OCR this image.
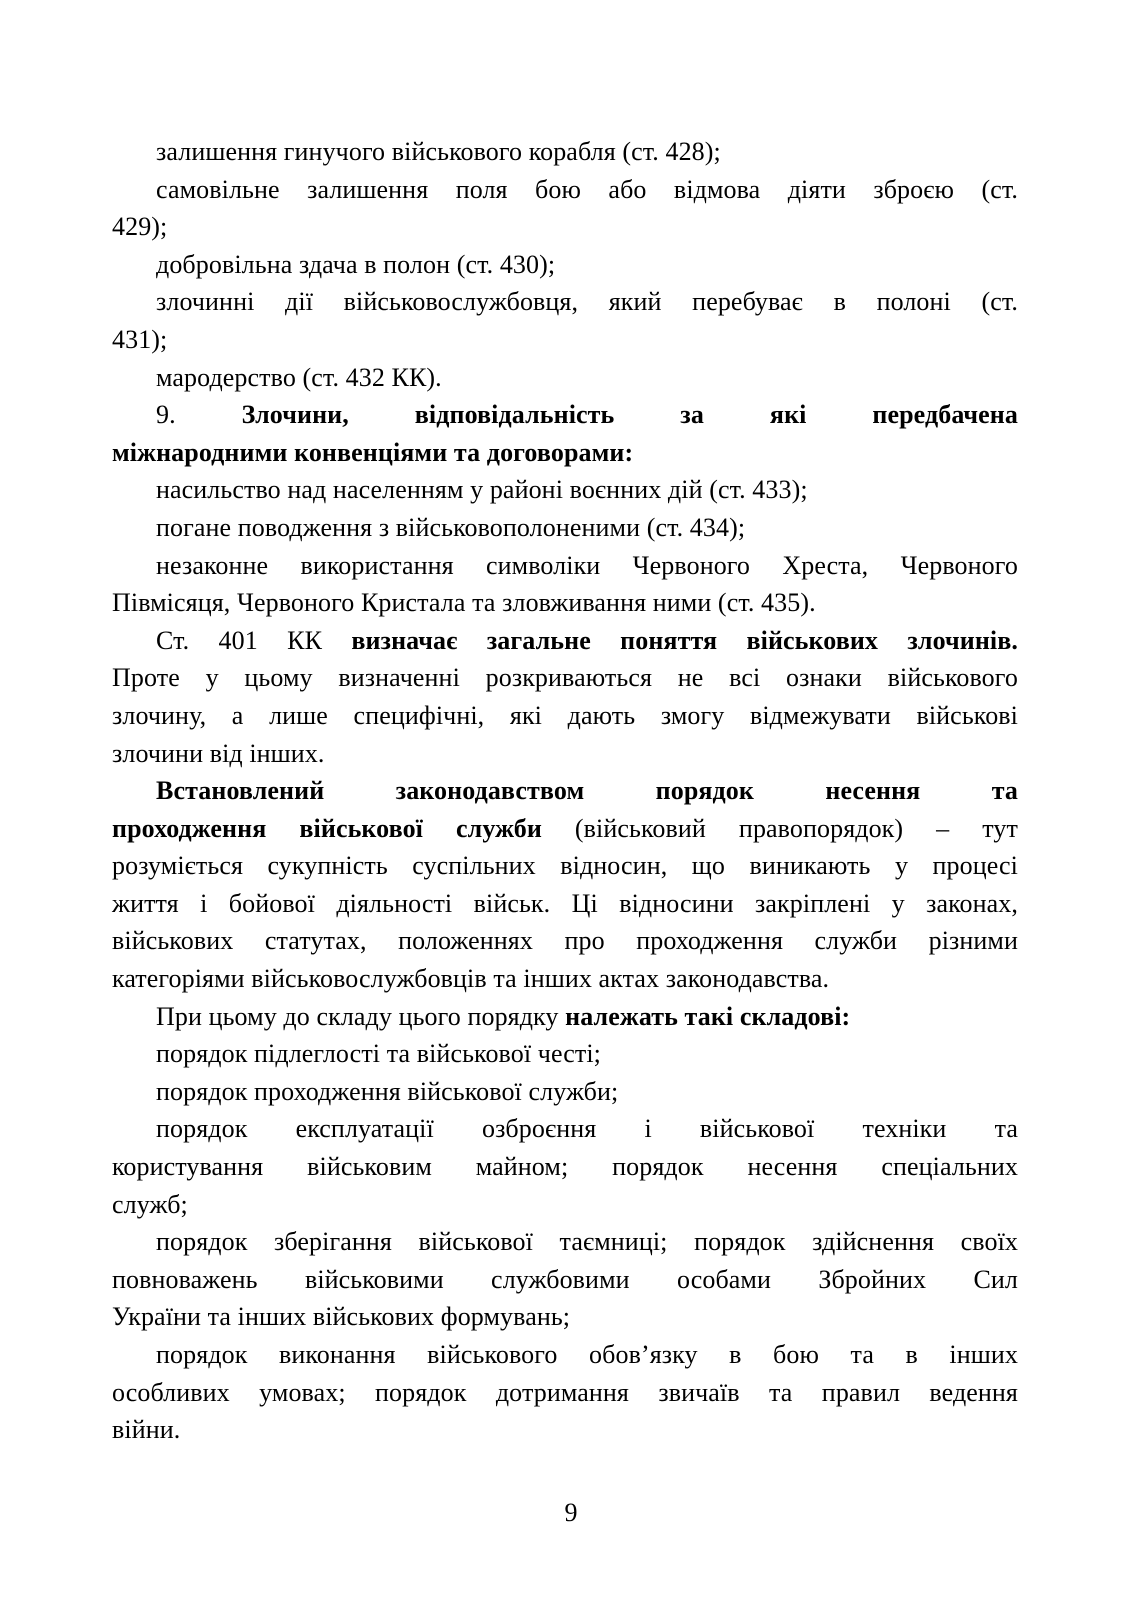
залишення гинучого військового корабля (ст. 428);
самовільне залишення поля бою або відмова діяти зброєю (ст.
429);
добровільна здача в полон (ст. 430);
злочинні дії військовослужбовця, який перебуває в полоні (ст.
431);
мародерство (ст. 432 КК).
9. Злочини, відповідальність за які передбачена
міжнародними конвенціями та договорами:
насильство над населенням у районі воєнних дій (ст. 433);
погане поводження з військовополоненими (ст. 434);
незаконне використання символіки Червоного Хреста, Червоного
Півмісяця, Червоного Кристала та зловживання ними (ст. 435).
Ст. 401 КК визначає загальне поняття військових злочинів.
Проте у цьому визначенні розкриваються не всі ознаки військового
злочину, а лише специфічні, які дають змогу відмежувати військові
злочини від інших.
Встановлений законодавством порядок несення та
проходження військової служби (військовий правопорядок) – тут
розуміється сукупність суспільних відносин, що виникають у процесі
життя і бойової діяльності військ. Ці відносини закріплені у законах,
військових статутах, положеннях про проходження служби різними
категоріями військовослужбовців та інших актах законодавства.
При цьому до складу цього порядку належать такі складові:
порядок підлеглості та військової честі;
порядок проходження військової служби;
порядок експлуатації озброєння і військової техніки та
користування військовим майном; порядок несення спеціальних
служб;
порядок зберігання військової таємниці; порядок здійснення своїх
повноважень військовими службовими особами Збройних Сил
України та інших військових формувань;
порядок виконання військового обов’язку в бою та в інших
особливих умовах; порядок дотримання звичаїв та правил ведення
війни.
9
